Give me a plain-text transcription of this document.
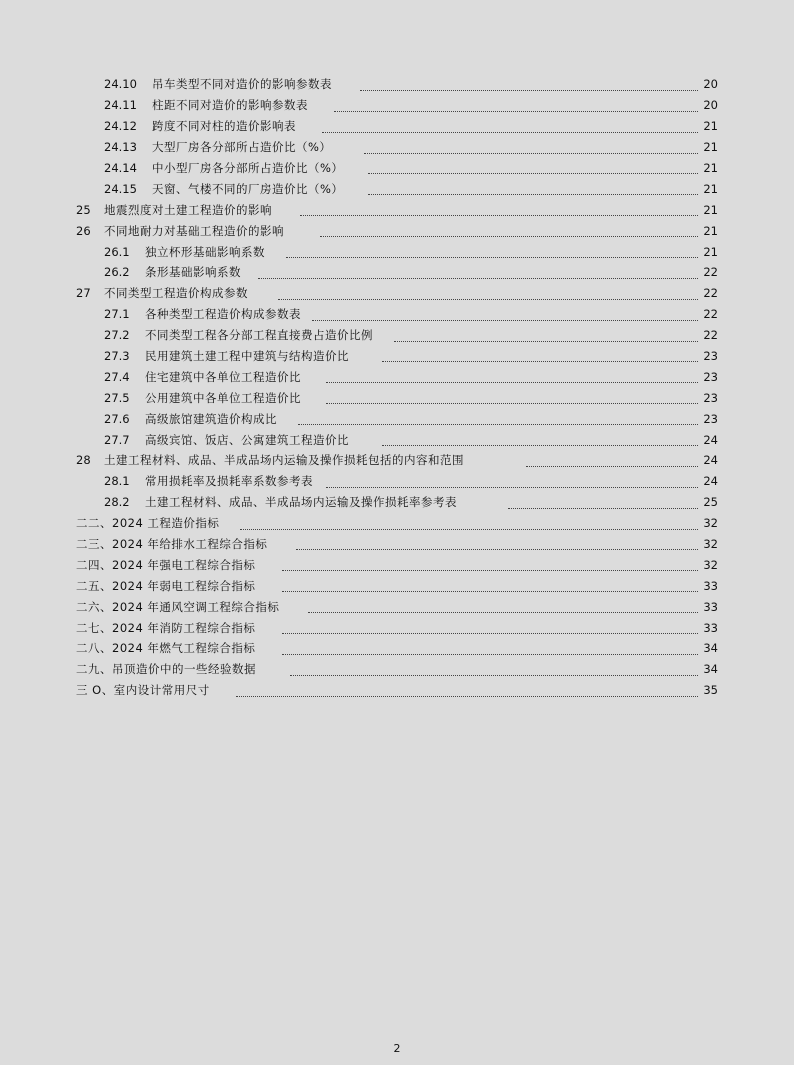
24.10 吊车类型不同对造价的影响参数表	20
24.11 柱距不同对造价的影响参数表	20
24.12 跨度不同对柱的造价影响表	21
24.13 大型厂房各分部所占造价比（%）	21
24.14 中小型厂房各分部所占造价比（%）	21
24.15 天窗、气楼不同的厂房造价比（%）	21
25 地震烈度对土建工程造价的影响	21
26 不同地耐力对基础工程造价的影响	21
26.1 独立杯形基础影响系数	21
26.2 条形基础影响系数	22
27 不同类型工程造价构成参数	22
27.1 各种类型工程造价构成参数表	22
27.2 不同类型工程各分部工程直接费占造价比例	22
27.3 民用建筑土建工程中建筑与结构造价比	23
27.4 住宅建筑中各单位工程造价比	23
27.5 公用建筑中各单位工程造价比	23
27.6 高级旅馆建筑造价构成比	23
27.7 高级宾馆、饭店、公寓建筑工程造价比	24
28 土建工程材料、成品、半成品场内运输及操作损耗包括的内容和范围	24
28.1 常用损耗率及损耗率系数参考表	24
28.2 土建工程材料、成品、半成品场内运输及操作损耗率参考表	25
二二、2024 工程造价指标	32
二三、2024 年给排水工程综合指标	32
二四、2024 年强电工程综合指标	32
二五、2024 年弱电工程综合指标	33
二六、2024 年通风空调工程综合指标	33
二七、2024 年消防工程综合指标	33
二八、2024 年燃气工程综合指标	34
二九、吊顶造价中的一些经验数据	34
三 O、室内设计常用尺寸	35
2
